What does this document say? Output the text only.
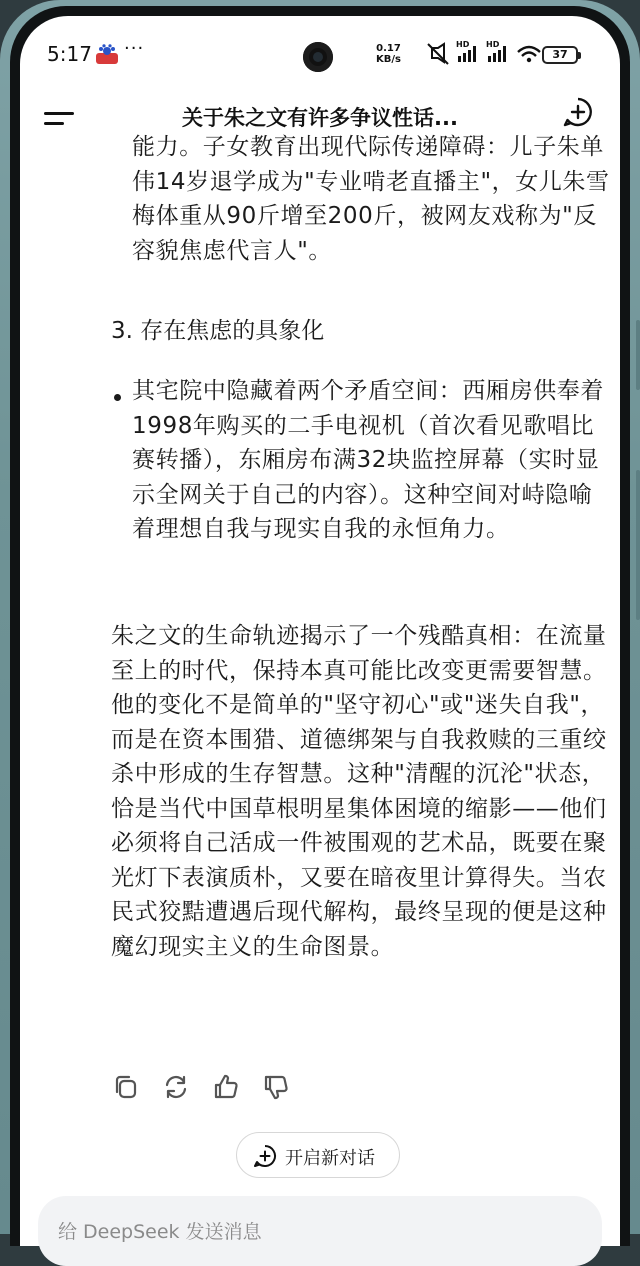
5:17 ···	0.17
KB/s
HD HD
37
关于朱之文有许多争议性话...
能力。子女教育出现代际传递障碍：儿子朱单伟14岁退学成为"专业啃老直播主"，女儿朱雪梅体重从90斤增至200斤，被网友戏称为"反容貌焦虑代言人"。
3. 存在焦虑的具象化
其宅院中隐藏着两个矛盾空间：西厢房供奉着1998年购买的二手电视机（首次看见歌唱比赛转播），东厢房布满32块监控屏幕（实时显示全网关于自己的内容）。这种空间对峙隐喻着理想自我与现实自我的永恒角力。
朱之文的生命轨迹揭示了一个残酷真相：在流量至上的时代，保持本真可能比改变更需要智慧。他的变化不是简单的"坚守初心"或"迷失自我"，而是在资本围猎、道德绑架与自我救赎的三重绞杀中形成的生存智慧。这种"清醒的沉沦"状态，恰是当代中国草根明星集体困境的缩影——他们必须将自己活成一件被围观的艺术品，既要在聚光灯下表演质朴，又要在暗夜里计算得失。当农民式狡黠遭遇后现代解构，最终呈现的便是这种魔幻现实主义的生命图景。
开启新对话
给 DeepSeek 发送消息
